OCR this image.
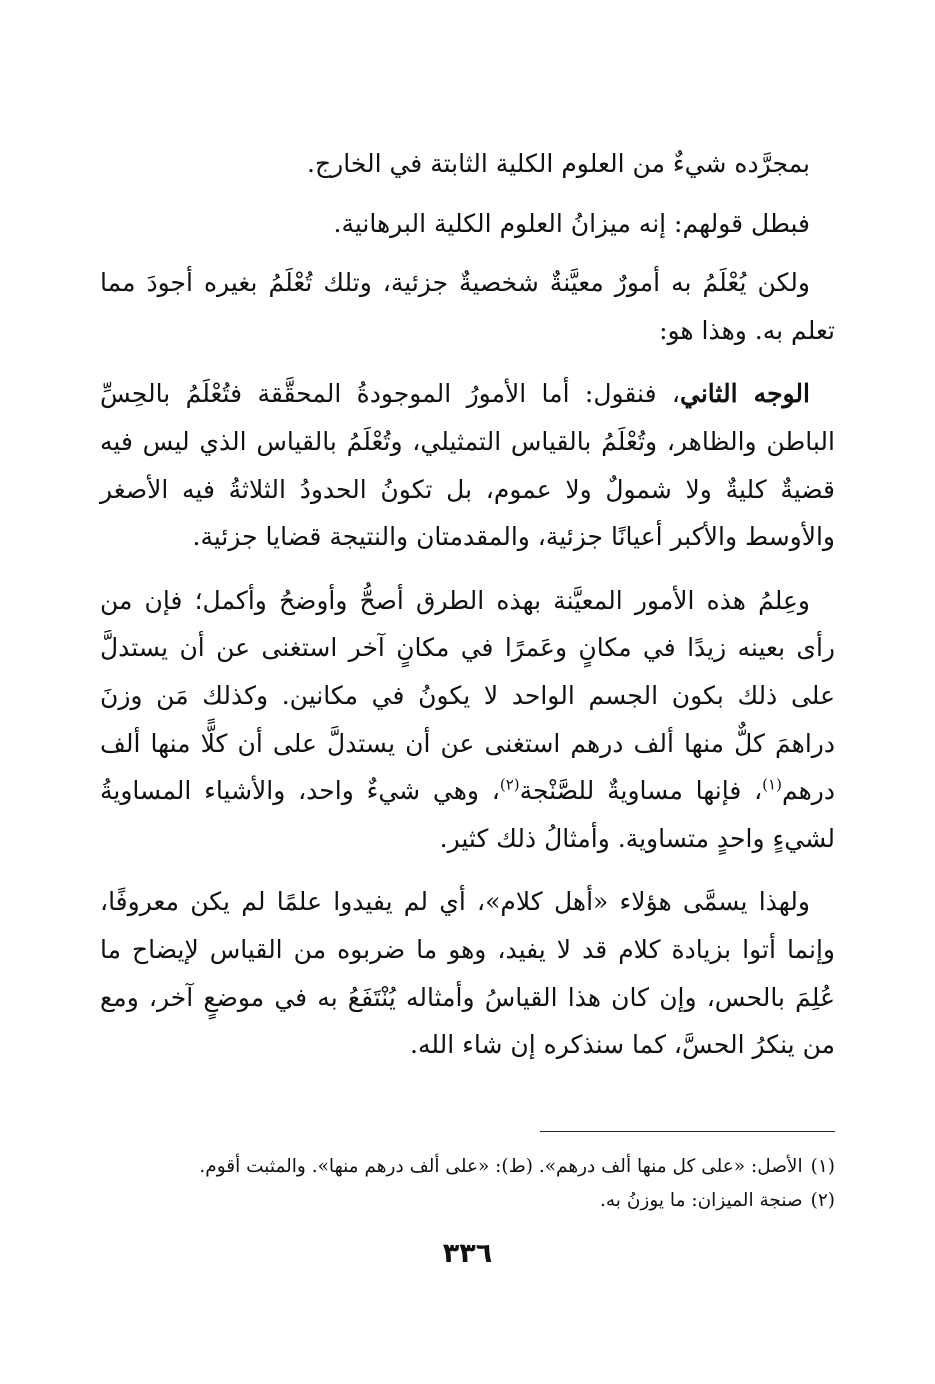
بمجرَّده شيءٌ من العلوم الكلية الثابتة في الخارج.

فبطل قولهم: إنه ميزانُ العلوم الكلية البرهانية.

ولكن يُعْلَمُ به أمورٌ معيَّنةٌ شخصيةٌ جزئية، وتلك تُعْلَمُ بغيره أجودَ مما تعلم به. وهذا هو:

الوجه الثاني، فنقول: أما الأمورُ الموجودةُ المحقَّقة فتُعْلَمُ بالحِسِّ الباطن والظاهر، وتُعْلَمُ بالقياس التمثيلي، وتُعْلَمُ بالقياس الذي ليس فيه قضيةٌ كليةٌ ولا شمولٌ ولا عموم، بل تكونُ الحدودُ الثلاثةُ فيه الأصغر والأوسط والأكبر أعيانًا جزئية، والمقدمتان والنتيجة قضايا جزئية.

وعِلمُ هذه الأمور المعيَّنة بهذه الطرق أصحُّ وأوضحُ وأكمل؛ فإن من رأى بعينه زيدًا في مكانٍ وعَمرًا في مكانٍ آخر استغنى عن أن يستدلَّ على ذلك بكون الجسم الواحد لا يكونُ في مكانين. وكذلك مَن وزنَ دراهمَ كلٌّ منها ألف درهم استغنى عن أن يستدلَّ على أن كلًّا منها ألف درهم$^{(١)}$، فإنها مساويةٌ للصَّنْجة$^{(٢)}$، وهي شيءٌ واحد، والأشياء المساويةُ لشيءٍ واحدٍ متساوية. وأمثالُ ذلك كثير.

ولهذا يسمَّى هؤلاء «أهل كلام»، أي لم يفيدوا علمًا لم يكن معروفًا، وإنما أتوا بزيادة كلام قد لا يفيد، وهو ما ضربوه من القياس لإيضاح ما عُلِمَ بالحس، وإن كان هذا القياسُ وأمثاله يُنْتَفَعُ به في موضعٍ آخر، ومع من ينكرُ الحسَّ، كما سنذكره إن شاء الله.

(١)الأصل: «على كل منها ألف درهم». (ط): «على ألف درهم منها». والمثبت أقوم.

(٢)صنجة الميزان: ما يوزنُ به.

٣٣٦
